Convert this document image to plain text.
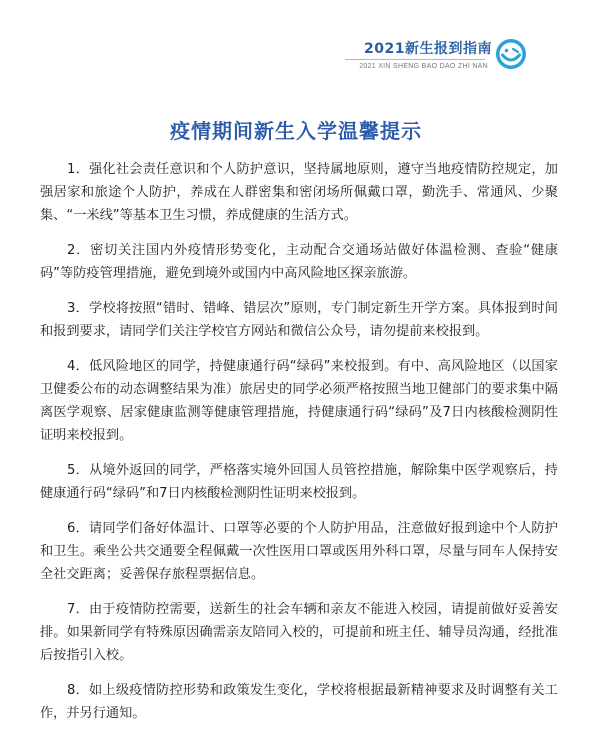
2021新生报到指南
2021 XIN SHENG BAO DAO ZHI NAN
疫情期间新生入学温馨提示

1．强化社会责任意识和个人防护意识，坚持属地原则，遵守当地疫情防控规定，加强居家和旅途个人防护，养成在人群密集和密闭场所佩戴口罩，勤洗手、常通风、少聚集、“一米线”等基本卫生习惯，养成健康的生活方式。

2．密切关注国内外疫情形势变化，主动配合交通场站做好体温检测、查验“健康码”等防疫管理措施，避免到境外或国内中高风险地区探亲旅游。

3．学校将按照“错时、错峰、错层次”原则，专门制定新生开学方案。具体报到时间和报到要求，请同学们关注学校官方网站和微信公众号，请勿提前来校报到。

4．低风险地区的同学，持健康通行码“绿码”来校报到。有中、高风险地区（以国家卫健委公布的动态调整结果为准）旅居史的同学必须严格按照当地卫健部门的要求集中隔离医学观察、居家健康监测等健康管理措施，持健康通行码“绿码”及7日内核酸检测阴性证明来校报到。

5．从境外返回的同学，严格落实境外回国人员管控措施，解除集中医学观察后，持健康通行码“绿码”和7日内核酸检测阴性证明来校报到。

6．请同学们备好体温计、口罩等必要的个人防护用品，注意做好报到途中个人防护和卫生。乘坐公共交通要全程佩戴一次性医用口罩或医用外科口罩，尽量与同车人保持安全社交距离；妥善保存旅程票据信息。

7．由于疫情防控需要，送新生的社会车辆和亲友不能进入校园，请提前做好妥善安排。如果新同学有特殊原因确需亲友陪同入校的，可提前和班主任、辅导员沟通，经批准后按指引入校。

8．如上级疫情防控形势和政策发生变化，学校将根据最新精神要求及时调整有关工作，并另行通知。
